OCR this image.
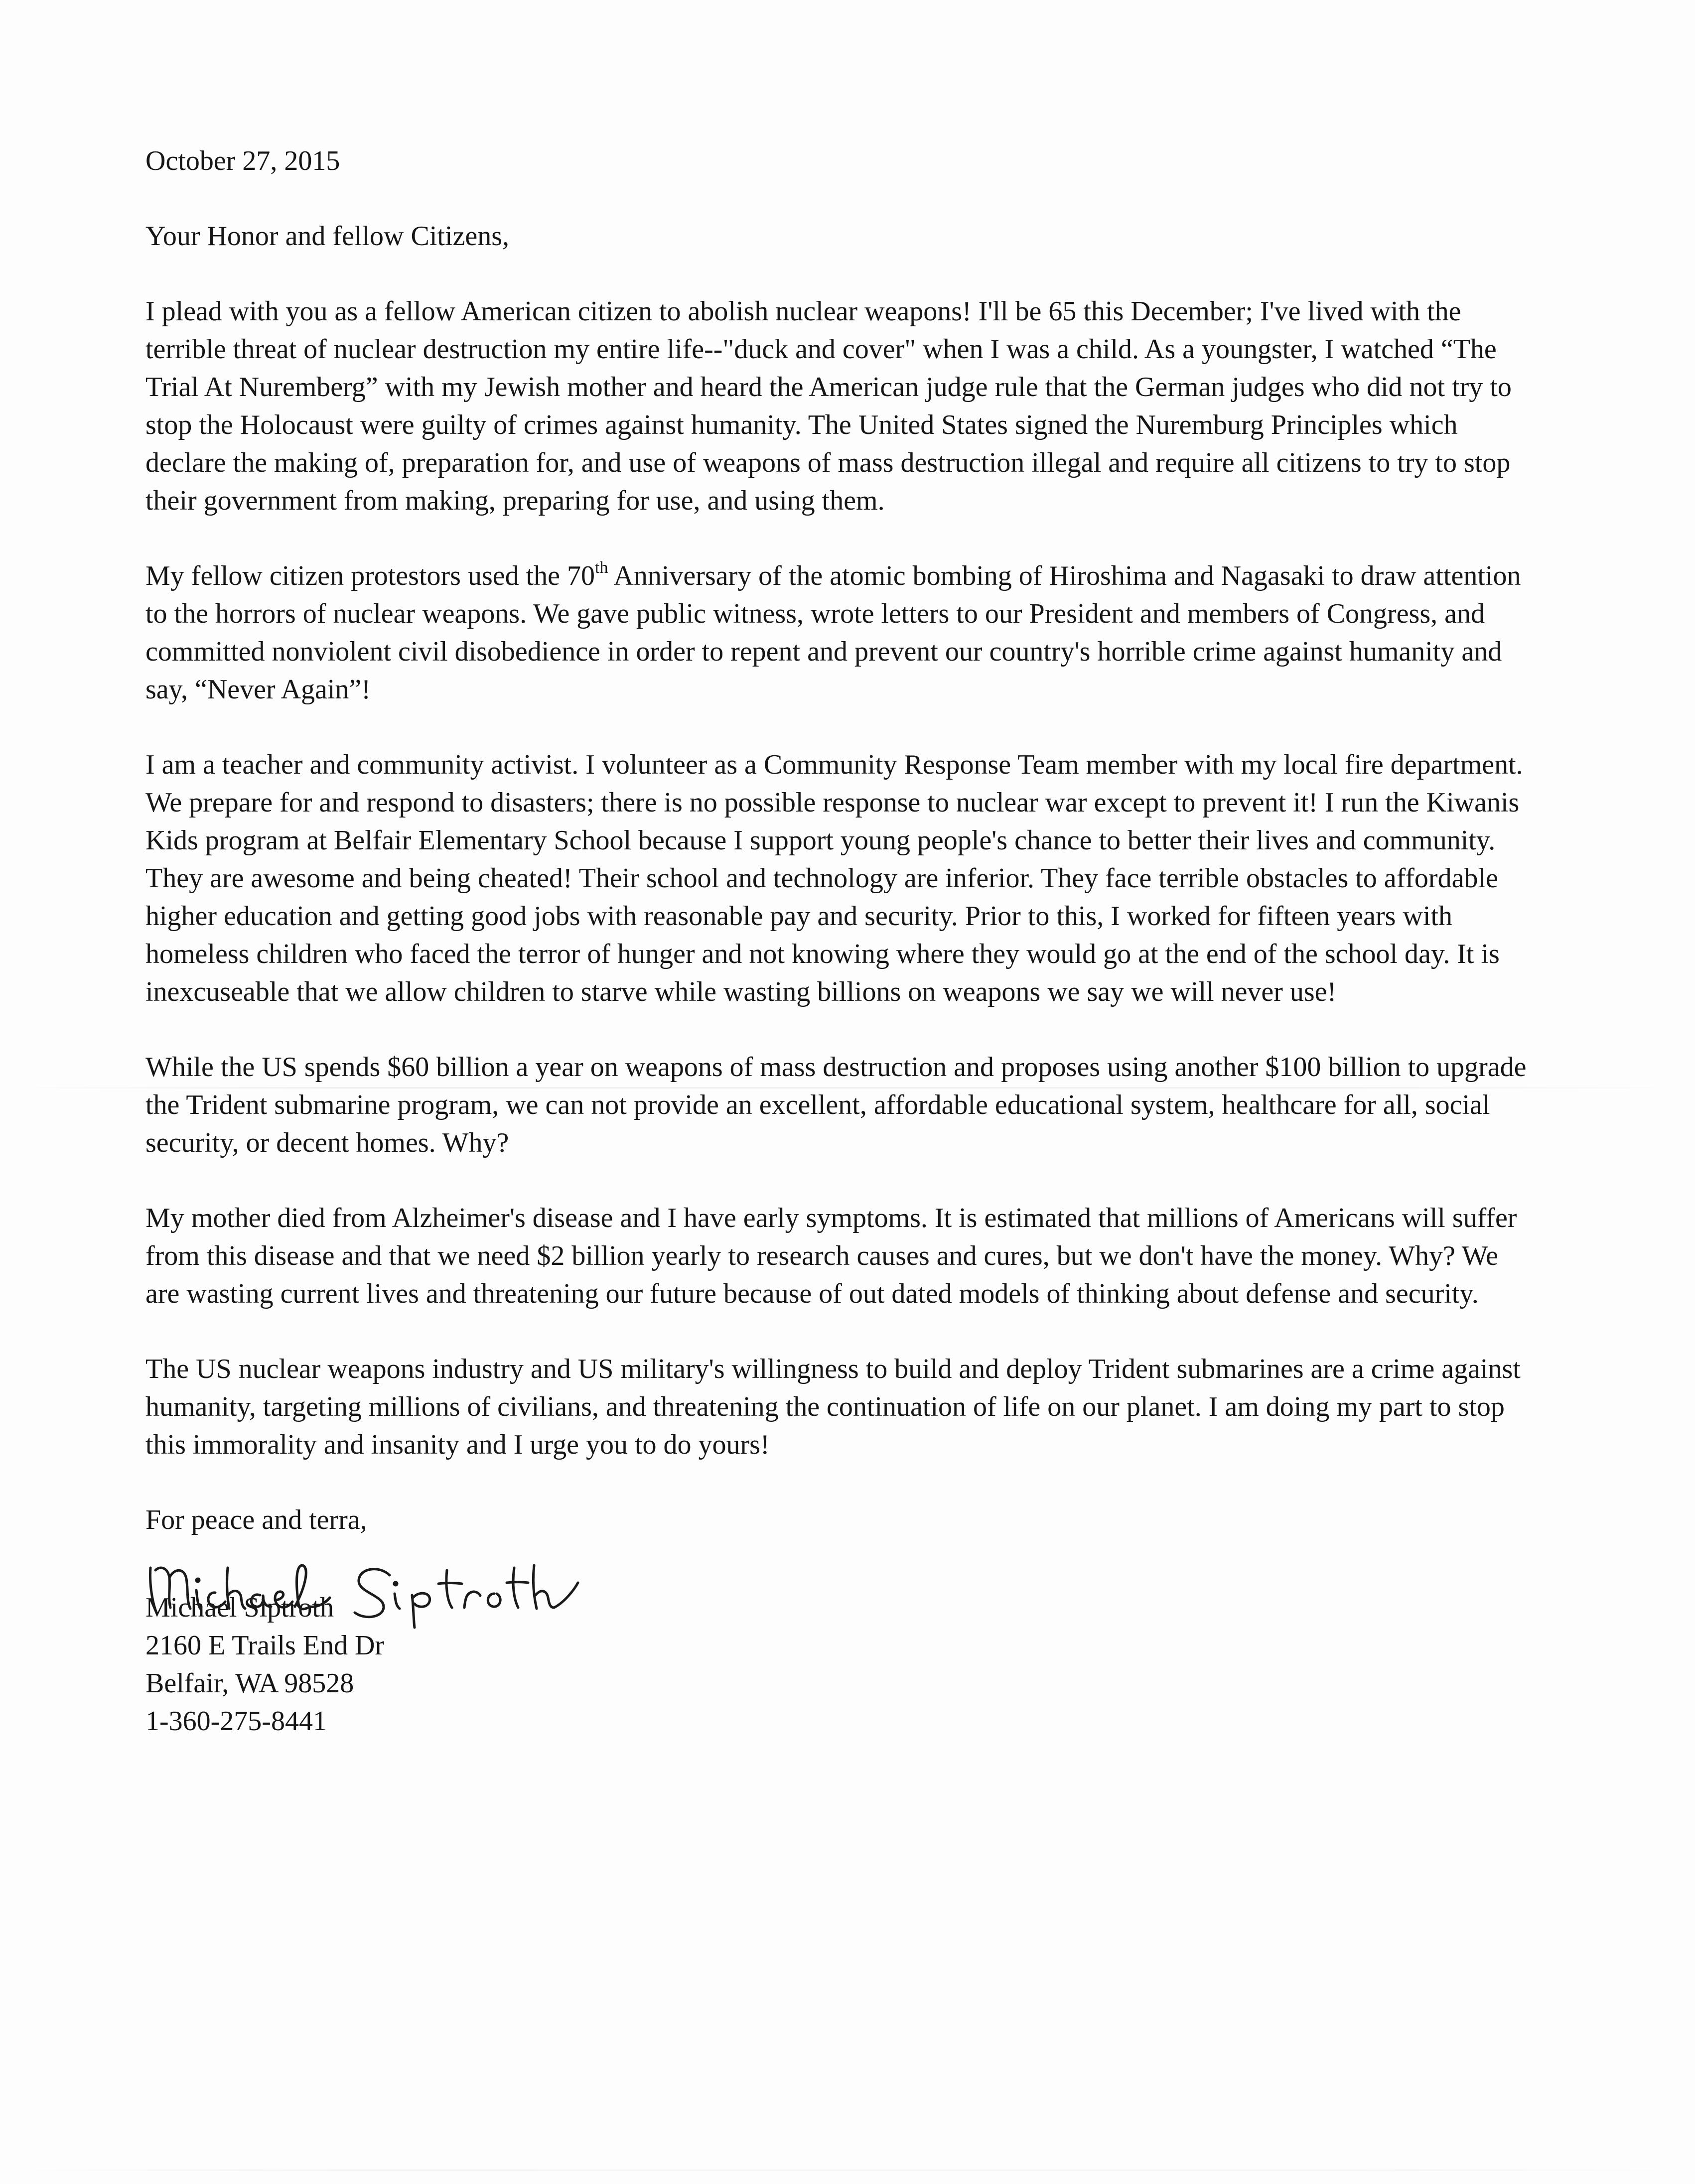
October 27, 2015

Your Honor and fellow Citizens,

I plead with you as a fellow American citizen to abolish nuclear weapons! I'll be 65 this December; I've lived with the terrible threat of nuclear destruction my entire life--"duck and cover" when I was a child. As a youngster, I watched “The Trial At Nuremberg” with my Jewish mother and heard the American judge rule that the German judges who did not try to stop the Holocaust were guilty of crimes against humanity. The United States signed the Nuremburg Principles which declare the making of, preparation for, and use of weapons of mass destruction illegal and require all citizens to try to stop their government from making, preparing for use, and using them.

My fellow citizen protestors used the 70th Anniversary of the atomic bombing of Hiroshima and Nagasaki to draw attention to the horrors of nuclear weapons. We gave public witness, wrote letters to our President and members of Congress, and committed nonviolent civil disobedience in order to repent and prevent our country's horrible crime against humanity and say, “Never Again”!

I am a teacher and community activist. I volunteer as a Community Response Team member with my local fire department. We prepare for and respond to disasters; there is no possible response to nuclear war except to prevent it! I run the Kiwanis Kids program at Belfair Elementary School because I support young people's chance to better their lives and community. They are awesome and being cheated! Their school and technology are inferior. They face terrible obstacles to affordable higher education and getting good jobs with reasonable pay and security. Prior to this, I worked for fifteen years with homeless children who faced the terror of hunger and not knowing where they would go at the end of the school day. It is inexcuseable that we allow children to starve while wasting billions on weapons we say we will never use!

While the US spends $60 billion a year on weapons of mass destruction and proposes using another $100 billion to upgrade the Trident submarine program, we can not provide an excellent, affordable educational system, healthcare for all, social security, or decent homes. Why?

My mother died from Alzheimer's disease and I have early symptoms. It is estimated that millions of Americans will suffer from this disease and that we need $2 billion yearly to research causes and cures, but we don't have the money. Why? We are wasting current lives and threatening our future because of out dated models of thinking about defense and security.

The US nuclear weapons industry and US military's willingness to build and deploy Trident submarines are a crime against humanity, targeting millions of civilians, and threatening the continuation of life on our planet. I am doing my part to stop this immorality and insanity and I urge you to do yours!

For peace and terra,

Michael Siptroth
2160 E Trails End Dr
Belfair, WA 98528
1-360-275-8441
